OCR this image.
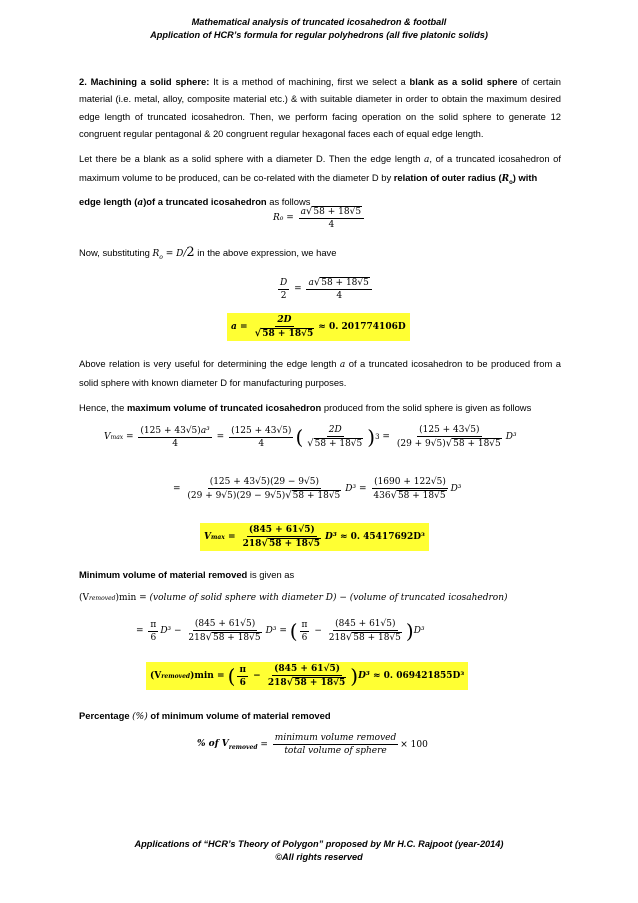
Mathematical analysis of truncated icosahedron & football
Application of HCR’s formula for regular polyhedrons (all five platonic solids)
2. Machining a solid sphere: It is a method of machining, first we select a blank as a solid sphere of certain material (i.e. metal, alloy, composite material etc.) & with suitable diameter in order to obtain the maximum desired edge length of truncated icosahedron. Then, we perform facing operation on the solid sphere to generate 12 congruent regular pentagonal & 20 congruent regular hexagonal faces each of equal edge length.
Let there be a blank as a solid sphere with a diameter D. Then the edge length a, of a truncated icosahedron of maximum volume to be produced, can be co-related with the diameter D by relation of outer radius $(R_o)$ with
edge length (a)of a truncated icosahedron as follows
R $o = \frac{a √ 58 + 18√5}{4}$
Now, substituting $R_o = D/2$ in the above expression, we have
$\frac{D}{2} = \frac{a √ 58 + 18√5}{4}$
$a = \frac{2D}{√ 58 + 18√5} \approx 0$. 201774106D
Above relation is very useful for determining the edge length a of a truncated icosahedron to be produced from a solid sphere with known diameter D for manufacturing purposes.
Hence, the maximum volume of truncated icosahedron produced from the solid sphere is given as follows
V $\max = \frac{\text{(125 + 43√5)a³}}{4} = \frac{(125 + 43√5)}{4}$ ( $\frac{2D}{√ 58 + 18√5}$ ) $3 = \frac{(125 + 43√5)}{(29 + 9√5) √ 58 + 18√5} D^3$
= $\frac{(125 + 43√5)(29 - 9√5)}{(29 + 9√5)(29 - 9√5) √ 58 + 18√5} D^3 = \frac{(1690 + 122√5)}{436 √ 58 + 18√5} D^3$
V $\max = \frac{(845 + 61√5)}{218 √ 58 + 18√5} D^3$
≈ 0. 45417692D³
Minimum volume of material removed is given as
(V removed )min
= (volume of solid sphere with diameter D) − (volume of truncated icosahedron)
= $\frac{\pi}{6} D^3 - \frac{(845 + 61√5)}{218 √ 58 + 18√5} D^3$ = ( $\frac{\pi}{6} - \frac{(845 + 61√5)}{218 √ 58 + 18√5}$ ) D³
(V removed )min = ( $\frac{\pi}{6} - \frac{(845 + 61√5)}{218 √ 58 + 18√5}$ ) D³
≈ 0. 069421855D³
Percentage (%) of minimum volume of material removed
% of $V_{removed} = \frac{\text{minimum volume removed}}{\text{total volume of sphere}} \times 100$
Applications of “HCR’s Theory of Polygon” proposed by Mr H.C. Rajpoot (year-2014)
©All rights reserved
